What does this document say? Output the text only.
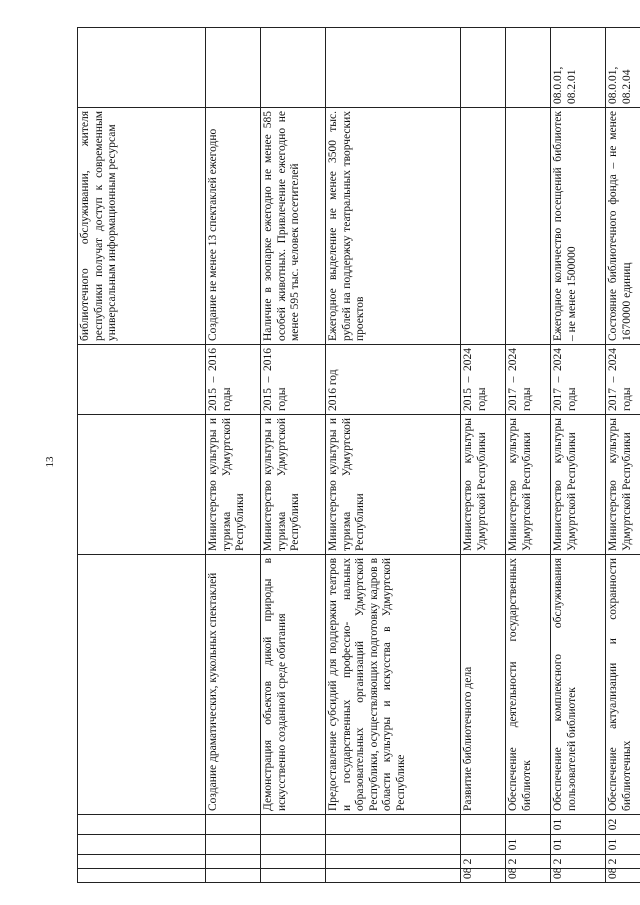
13
							библиотечного обслуживании, жителя республики получат доступ к современным универсальным информационным ресурсам	
				Создание драматических, кукольных спектаклей	Министерство культуры и туризма Удмуртской Республики	2015 – 2016 годы	Создание не менее 13 спектаклей ежегодно	
				Демонстрация объектов дикой природы в искусственно созданной среде обитания	Министерство культуры и туризма Удмуртской Республики	2015 – 2016 годы	Наличие в зоопарке ежегодно не менее 585 особей животных. Привлечение ежегодно не менее 595 тыс. человек посетителей	
				Предоставление субсидий для поддержки театров и государственных профессио- нальных образовательных организаций Удмуртской Республики, осуществляющих подготовку кадров в области культуры и искусства в Удмуртской Республике	Министерство культуры и туризма Удмуртской Республики	2016 год	Ежегодное выделение не менее 3500 тыс. рублей на поддержку театральных творческих проектов	
08	2			Развитие библиотечного дела	Министерство культуры Удмуртской Республики	2015 – 2024 годы		
08	2	01		Обеспечение деятельности государственных библиотек	Министерство культуры Удмуртской Республики	2017 – 2024 годы		
08	2	01	01	Обеспечение комплексного обслуживания пользователей библиотек	Министерство культуры Удмуртской Республики	2017 – 2024 годы	Ежегодное количество посещений библиотек – не менее 1500000	08.0.01, 08.2.01
08	2	01	02	Обеспечение актуализации и сохранности библиотечных	Министерство культуры Удмуртской Республики	2017 – 2024 годы	Состояние библиотечного фонда – не менее 1670000 единиц	08.0.01, 08.2.04
